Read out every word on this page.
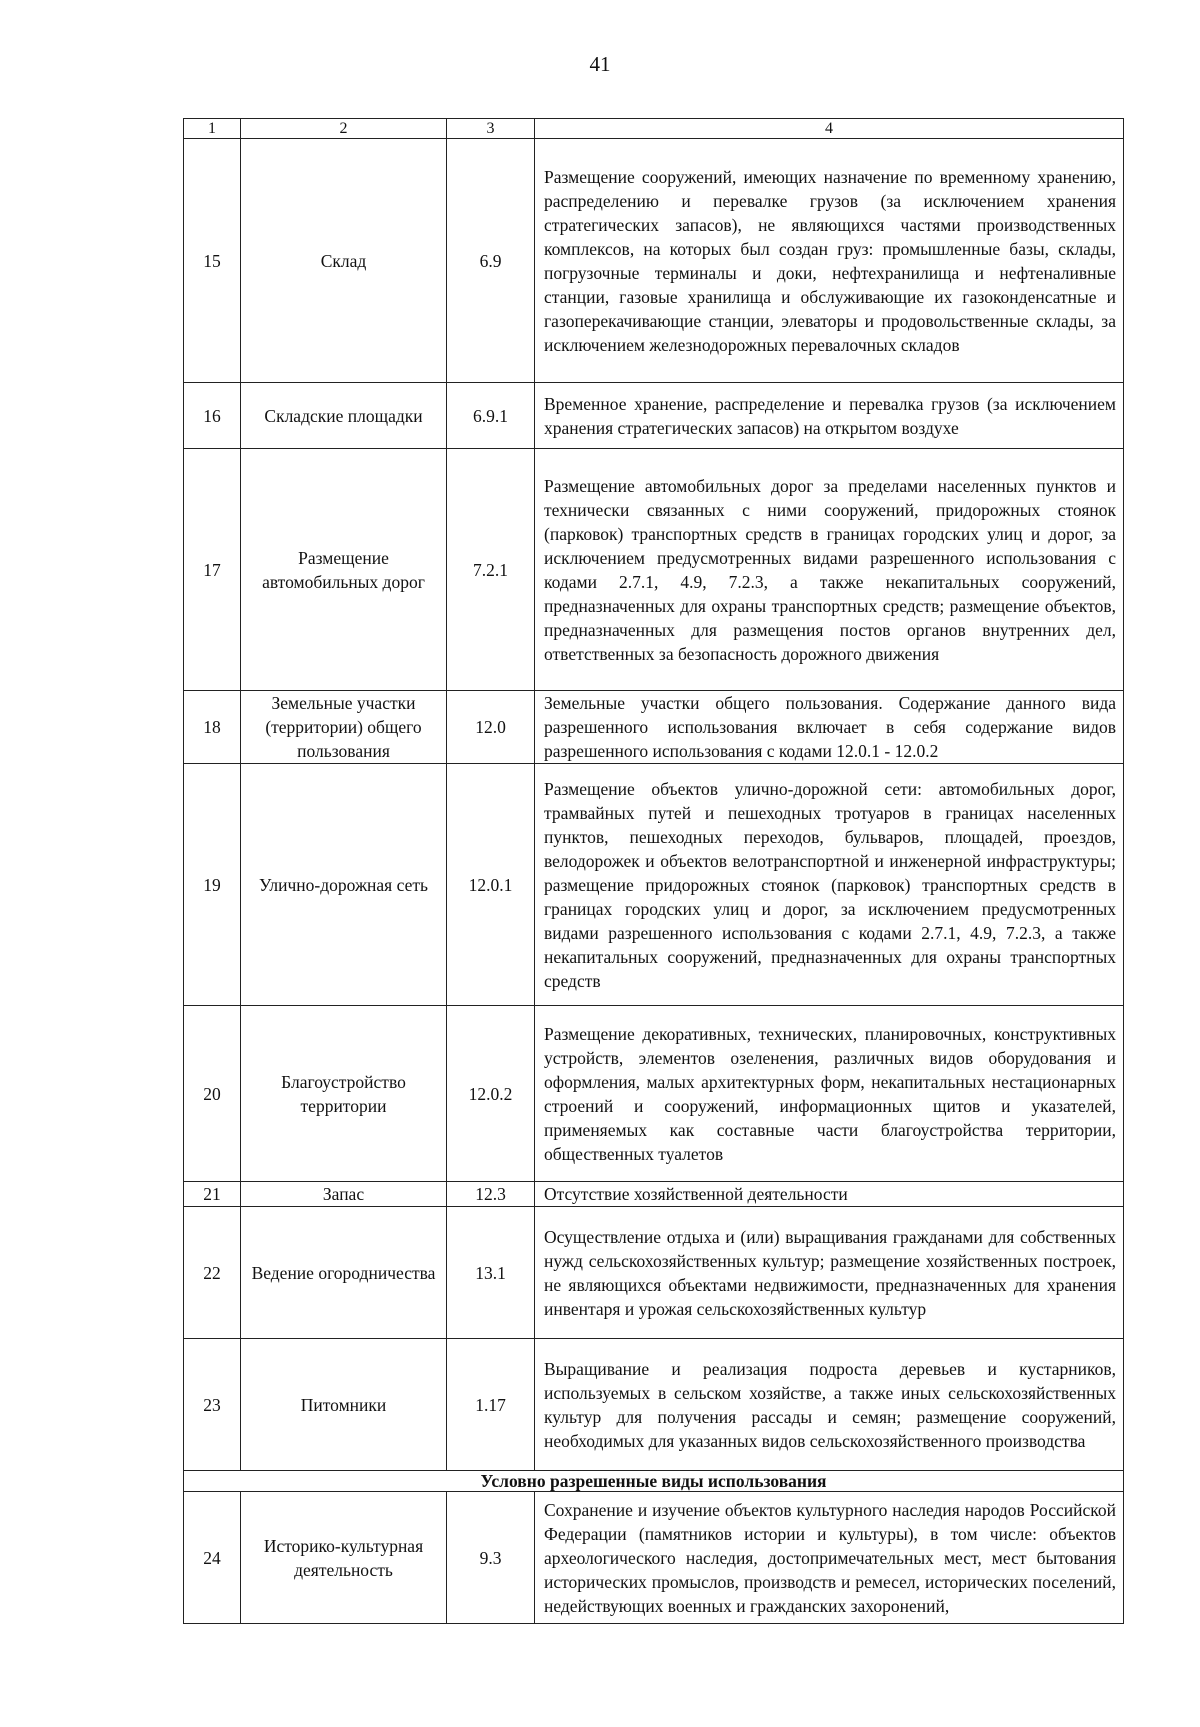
41
1	2	3	4
15	Склад	6.9	Размещение сооружений, имеющих назначение по временному хранению, распределению и перевалке грузов (за исключением хранения стратегических запасов), не являющихся частями производственных комплексов, на которых был создан груз: промышленные базы, склады, погрузочные терминалы и доки, нефтехранилища и нефтеналивные станции, газовые хранилища и обслуживающие их газоконденсатные и газоперекачивающие станции, элеваторы и продовольственные склады, за исключением железнодорожных перевалочных складов
16	Складские площадки	6.9.1	Временное хранение, распределение и перевалка грузов (за исключением хранения стратегических запасов) на открытом воздухе
17	Размещение автомобильных дорог	7.2.1	Размещение автомобильных дорог за пределами населенных пунктов и технически связанных с ними сооружений, придорожных стоянок (парковок) транспортных средств в границах городских улиц и дорог, за исключением предусмотренных видами разрешенного использования с кодами 2.7.1, 4.9, 7.2.3, а также некапитальных сооружений, предназначенных для охраны транспортных средств; размещение объектов, предназначенных для размещения постов органов внутренних дел, ответственных за безопасность дорожного движения
18	Земельные участки (территории) общего пользования	12.0	Земельные участки общего пользования. Содержание данного вида разрешенного использования включает в себя содержание видов разрешенного использования с кодами 12.0.1 - 12.0.2
19	Улично-дорожная сеть	12.0.1	Размещение объектов улично-дорожной сети: автомобильных дорог, трамвайных путей и пешеходных тротуаров в границах населенных пунктов, пешеходных переходов, бульваров, площадей, проездов, велодорожек и объектов велотранспортной и инженерной инфраструктуры; размещение придорожных стоянок (парковок) транспортных средств в границах городских улиц и дорог, за исключением предусмотренных видами разрешенного использования с кодами 2.7.1, 4.9, 7.2.3, а также некапитальных сооружений, предназначенных для охраны транспортных средств
20	Благоустройство территории	12.0.2	Размещение декоративных, технических, планировочных, конструктивных устройств, элементов озеленения, различных видов оборудования и оформления, малых архитектурных форм, некапитальных нестационарных строений и сооружений, информационных щитов и указателей, применяемых как составные части благоустройства территории, общественных туалетов
21	Запас	12.3	Отсутствие хозяйственной деятельности
22	Ведение огородничества	13.1	Осуществление отдыха и (или) выращивания гражданами для собственных нужд сельскохозяйственных культур; размещение хозяйственных построек, не являющихся объектами недвижимости, предназначенных для хранения инвентаря и урожая сельскохозяйственных культур
23	Питомники	1.17	Выращивание и реализация подроста деревьев и кустарников, используемых в сельском хозяйстве, а также иных сельскохозяйственных культур для получения рассады и семян; размещение сооружений, необходимых для указанных видов сельскохозяйственного производства
Условно разрешенные виды использования			
24	Историко-культурная деятельность	9.3	Сохранение и изучение объектов культурного наследия народов Российской Федерации (памятников истории и культуры), в том числе: объектов археологического наследия, достопримечательных мест, мест бытования исторических промыслов, производств и ремесел, исторических поселений, недействующих военных и гражданских захоронений,
